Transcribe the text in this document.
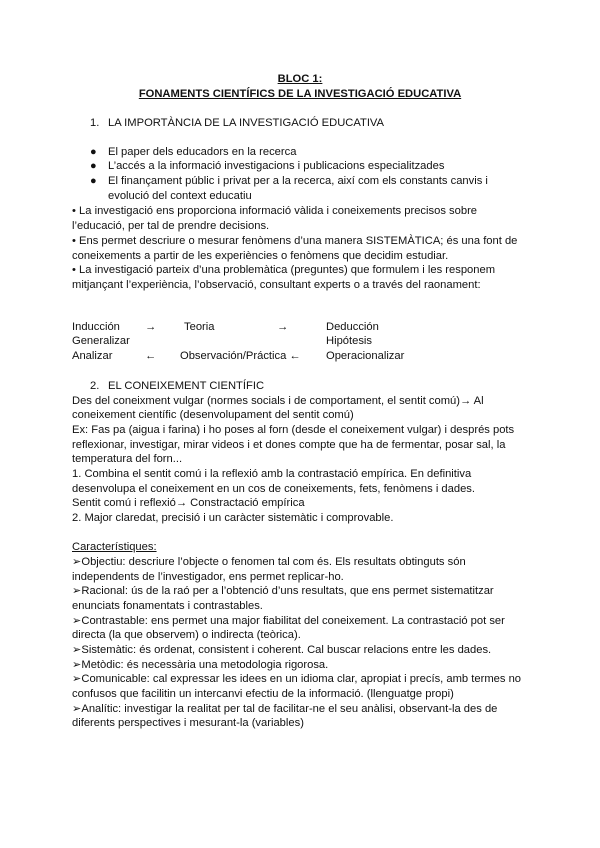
BLOC 1:
FONAMENTS CIENTÍFICS DE LA INVESTIGACIÓ EDUCATIVA
1. LA IMPORTÀNCIA DE LA INVESTIGACIÓ EDUCATIVA
● El paper dels educadors en la recerca
● L’accés a la informació investigacions i publicacions especialitzades
● El finançament públic i privat per a la recerca, així com els constants canvis i
evolució del context educatiu
• La investigació ens proporciona informació vàlida i coneixements precisos sobre
l’educació, per tal de prendre decisions.
• Ens permet descriure o mesurar fenòmens d’una manera SISTEMÀTICA; és una font de
coneixements a partir de les experiències o fenòmens que decidim estudiar.
• La investigació parteix d’una problemàtica (preguntes) que formulem i les responem
mitjançant l’experiència, l’observació, consultant experts o a través del raonament:
Inducción → Teoria	→	Deducción
Generalizar	Hipótesis
Analizar	← Observación/Práctica ← Operacionalizar
2. EL CONEIXEMENT CIENTÍFIC
Des del coneixment vulgar (normes socials i de comportament, el sentit comú)→ Al
coneixement científic (desenvolupament del sentit comú)
Ex: Fas pa (aigua i farina) i ho poses al forn (desde el coneixement vulgar) i després pots
reflexionar, investigar, mirar videos i et dones compte que ha de fermentar, posar sal, la
temperatura del forn...
1. Combina el sentit comú i la reflexió amb la contrastació empírica. En definitiva
desenvolupa el coneixement en un cos de coneixements, fets, fenòmens i dades.
Sentit comú i reflexió→ Constractació empírica
2. Major claredat, precisió i un caràcter sistemàtic i comprovable.
Característiques:
➢Objectiu: descriure l’objecte o fenomen tal com és. Els resultats obtinguts són
independents de l’investigador, ens permet replicar-ho.
➢Racional: ús de la raó per a l’obtenció d’uns resultats, que ens permet sistematitzar
enunciats fonamentats i contrastables.
➢Contrastable: ens permet una major fiabilitat del coneixement. La contrastació pot ser
directa (la que observem) o indirecta (teòrica).
➢Sistemàtic: és ordenat, consistent i coherent. Cal buscar relacions entre les dades.
➢Metòdic: és necessària una metodologia rigorosa.
➢Comunicable: cal expressar les idees en un idioma clar, apropiat i precís, amb termes no
confusos que facilitin un intercanvi efectiu de la informació. (llenguatge propi)
➢Analític: investigar la realitat per tal de facilitar-ne el seu anàlisi, observant-la des de
diferents perspectives i mesurant-la (variables)
